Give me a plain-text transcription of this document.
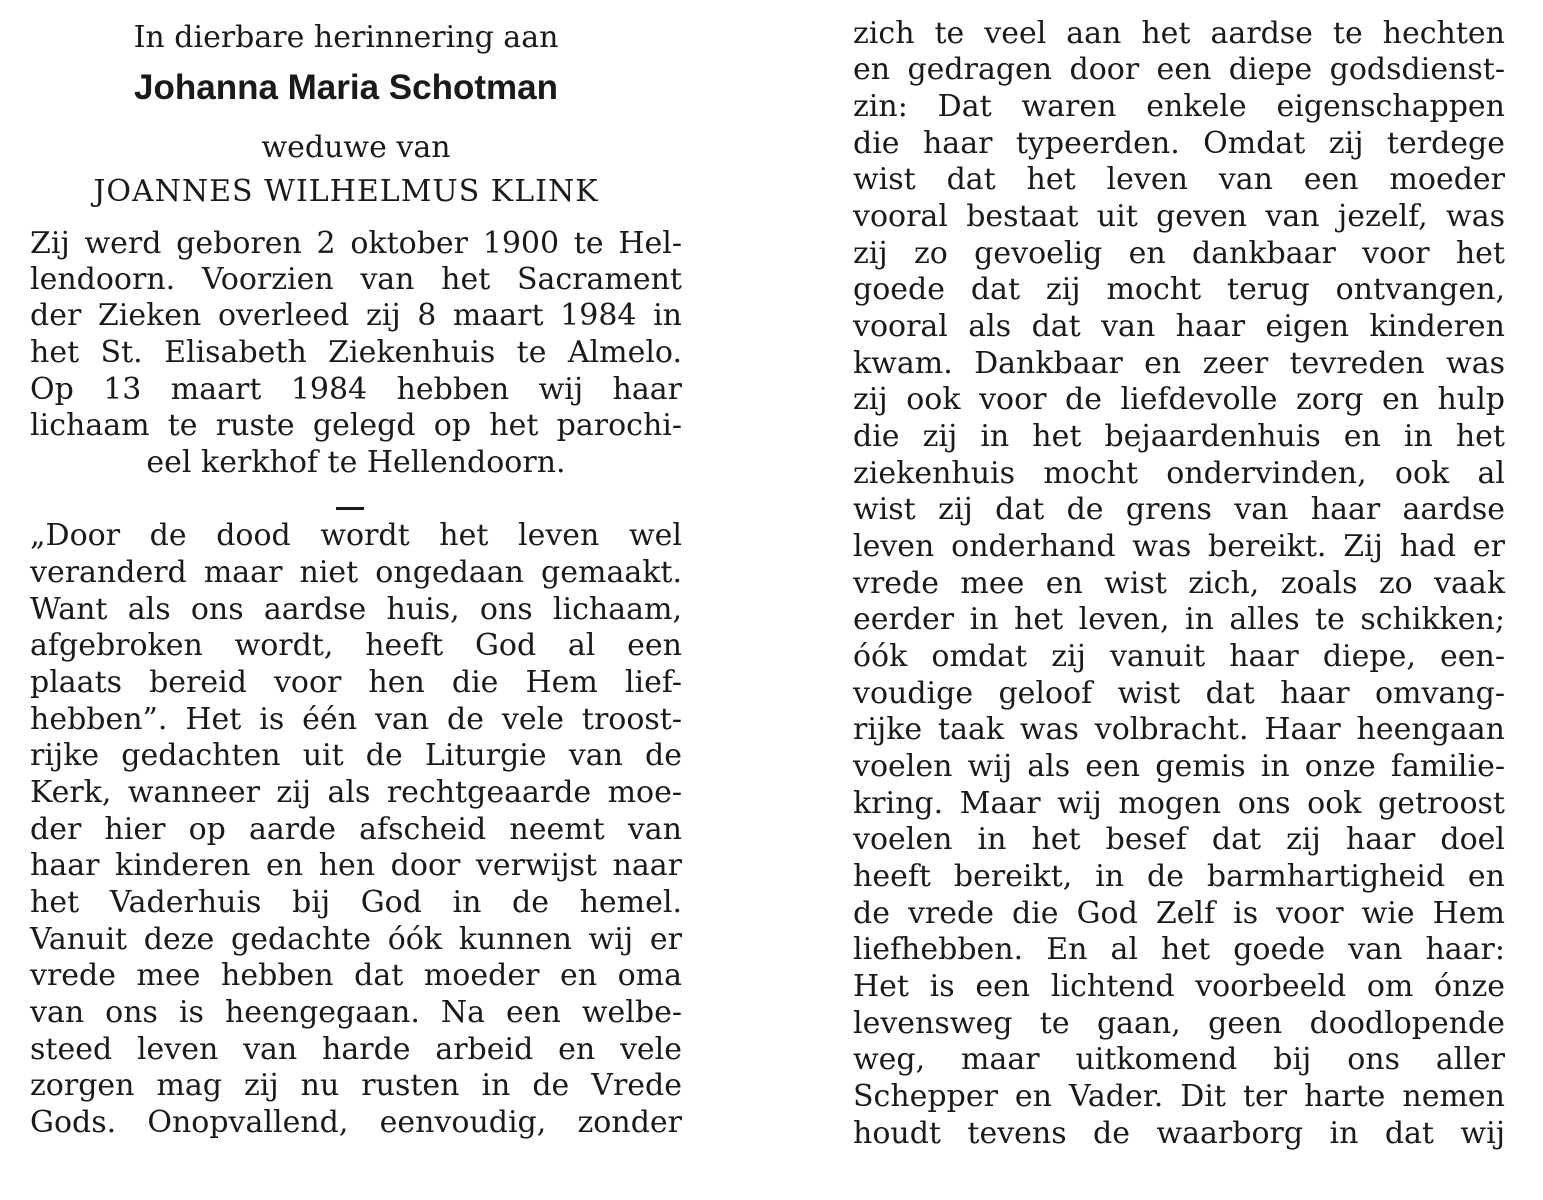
In dierbare herinnering aan
Johanna Maria Schotman
weduwe van
JOANNES WILHELMUS KLINK
Zij werd geboren 2 oktober 1900 te Hel-
lendoorn. Voorzien van het Sacrament
der Zieken overleed zij 8 maart 1984 in
het St. Elisabeth Ziekenhuis te Almelo.
Op 13 maart 1984 hebben wij haar
lichaam te ruste gelegd op het parochi-
eel kerkhof te Hellendoorn.
„Door de dood wordt het leven wel
veranderd maar niet ongedaan gemaakt.
Want als ons aardse huis, ons lichaam,
afgebroken wordt, heeft God al een
plaats bereid voor hen die Hem lief-
hebben”. Het is één van de vele troost-
rijke gedachten uit de Liturgie van de
Kerk, wanneer zij als rechtgeaarde moe-
der hier op aarde afscheid neemt van
haar kinderen en hen door verwijst naar
het Vaderhuis bij God in de hemel.
Vanuit deze gedachte óók kunnen wij er
vrede mee hebben dat moeder en oma
van ons is heengegaan. Na een welbe-
steed leven van harde arbeid en vele
zorgen mag zij nu rusten in de Vrede
Gods. Onopvallend, eenvoudig, zonder
zich te veel aan het aardse te hechten
en gedragen door een diepe godsdienst-
zin: Dat waren enkele eigenschappen
die haar typeerden. Omdat zij terdege
wist dat het leven van een moeder
vooral bestaat uit geven van jezelf, was
zij zo gevoelig en dankbaar voor het
goede dat zij mocht terug ontvangen,
vooral als dat van haar eigen kinderen
kwam. Dankbaar en zeer tevreden was
zij ook voor de liefdevolle zorg en hulp
die zij in het bejaardenhuis en in het
ziekenhuis mocht ondervinden, ook al
wist zij dat de grens van haar aardse
leven onderhand was bereikt. Zij had er
vrede mee en wist zich, zoals zo vaak
eerder in het leven, in alles te schikken;
óók omdat zij vanuit haar diepe, een-
voudige geloof wist dat haar omvang-
rijke taak was volbracht. Haar heengaan
voelen wij als een gemis in onze familie-
kring. Maar wij mogen ons ook getroost
voelen in het besef dat zij haar doel
heeft bereikt, in de barmhartigheid en
de vrede die God Zelf is voor wie Hem
liefhebben. En al het goede van haar:
Het is een lichtend voorbeeld om ónze
levensweg te gaan, geen doodlopende
weg, maar uitkomend bij ons aller
Schepper en Vader. Dit ter harte nemen
houdt tevens de waarborg in dat wij
